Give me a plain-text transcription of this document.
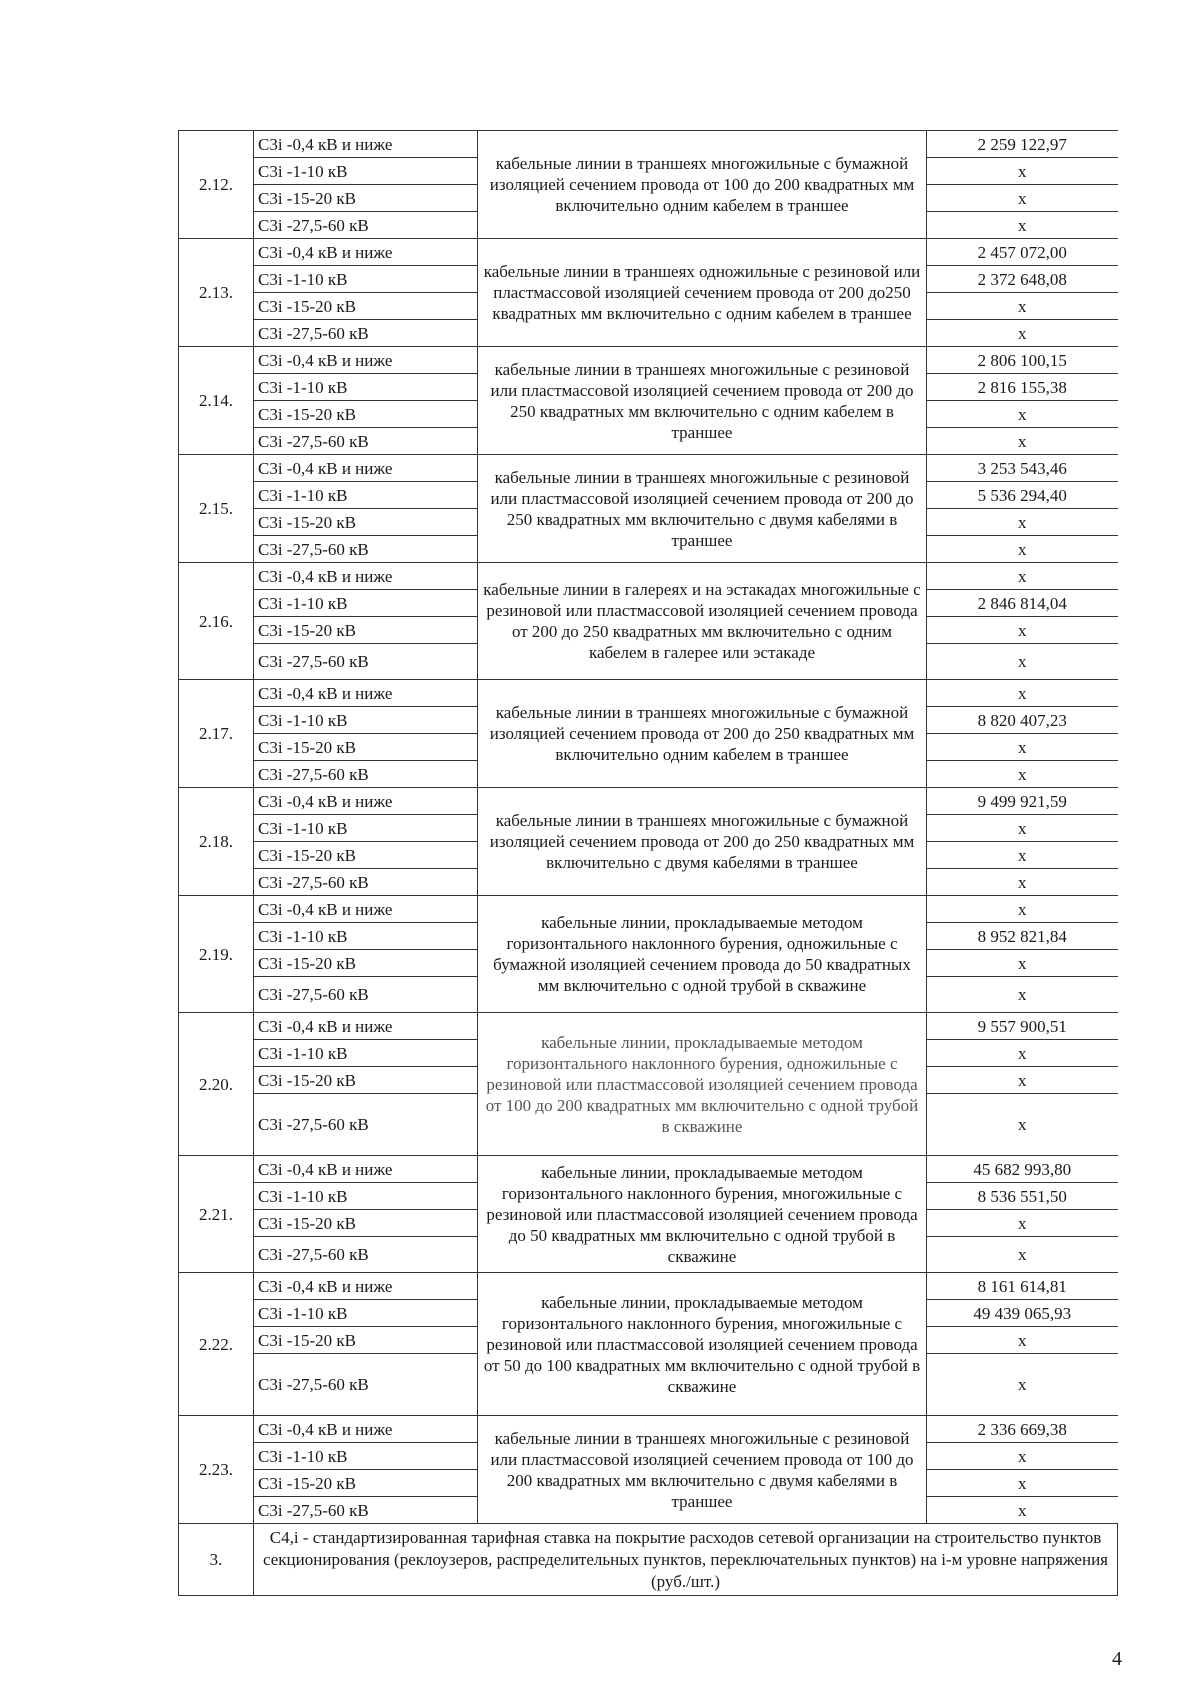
2.12.	С3i -0,4 кВ и ниже	кабельные линии в траншеях многожильные с бумажной изоляцией сечением провода от 100 до 200 квадратных мм включительно одним кабелем в траншее	2 259 122,97
	С3i -1-10 кВ		x
	С3i -15-20 кВ		x
	С3i -27,5-60 кВ		x
2.13.	С3i -0,4 кВ и ниже	кабельные линии в траншеях одножильные с резиновой или пластмассовой изоляцией сечением провода от 200 до250 квадратных мм включительно с одним кабелем в траншее	2 457 072,00
	С3i -1-10 кВ		2 372 648,08
	С3i -15-20 кВ		x
	С3i -27,5-60 кВ		x
2.14.	С3i -0,4 кВ и ниже	кабельные линии в траншеях многожильные с резиновой или пластмассовой изоляцией сечением провода от 200 до 250 квадратных мм включительно с одним кабелем в траншее	2 806 100,15
	С3i -1-10 кВ		2 816 155,38
	С3i -15-20 кВ		x
	С3i -27,5-60 кВ		x
2.15.	С3i -0,4 кВ и ниже	кабельные линии в траншеях многожильные с резиновой или пластмассовой изоляцией сечением провода от 200 до 250 квадратных мм включительно с двумя кабелями в траншее	3 253 543,46
	С3i -1-10 кВ		5 536 294,40
	С3i -15-20 кВ		x
	С3i -27,5-60 кВ		x
2.16.	С3i -0,4 кВ и ниже	кабельные линии в галереях и на эстакадах многожильные с резиновой или пластмассовой изоляцией сечением провода от 200 до 250 квадратных мм включительно с одним кабелем в галерее или эстакаде	x
	С3i -1-10 кВ		2 846 814,04
	С3i -15-20 кВ		x
	С3i -27,5-60 кВ		x
2.17.	С3i -0,4 кВ и ниже	кабельные линии в траншеях многожильные с бумажной изоляцией сечением провода от 200 до 250 квадратных мм включительно одним кабелем в траншее	x
	С3i -1-10 кВ		8 820 407,23
	С3i -15-20 кВ		x
	С3i -27,5-60 кВ		x
2.18.	С3i -0,4 кВ и ниже	кабельные линии в траншеях многожильные с бумажной изоляцией сечением провода от 200 до 250 квадратных мм включительно с двумя кабелями в траншее	9 499 921,59
	С3i -1-10 кВ		x
	С3i -15-20 кВ		x
	С3i -27,5-60 кВ		x
2.19.	С3i -0,4 кВ и ниже	кабельные линии, прокладываемые методом горизонтального наклонного бурения, одножильные с бумажной изоляцией сечением провода до 50 квадратных мм включительно с одной трубой в скважине	x
	С3i -1-10 кВ		8 952 821,84
	С3i -15-20 кВ		x
	С3i -27,5-60 кВ		x
2.20.	С3i -0,4 кВ и ниже	кабельные линии, прокладываемые методом горизонтального наклонного бурения, одножильные с резиновой или пластмассовой изоляцией сечением провода от 100 до 200 квадратных мм включительно с одной трубой в скважине	9 557 900,51
	С3i -1-10 кВ		x
	С3i -15-20 кВ		x
	С3i -27,5-60 кВ		x
2.21.	С3i -0,4 кВ и ниже	кабельные линии, прокладываемые методом горизонтального наклонного бурения, многожильные с резиновой или пластмассовой изоляцией сечением провода до 50 квадратных мм включительно с одной трубой в скважине	45 682 993,80
	С3i -1-10 кВ		8 536 551,50
	С3i -15-20 кВ		x
	С3i -27,5-60 кВ		x
2.22.	С3i -0,4 кВ и ниже	кабельные линии, прокладываемые методом горизонтального наклонного бурения, многожильные с резиновой или пластмассовой изоляцией сечением провода от 50 до 100 квадратных мм включительно с одной трубой в скважине	8 161 614,81
	С3i -1-10 кВ		49 439 065,93
	С3i -15-20 кВ		x
	С3i -27,5-60 кВ		x
2.23.	С3i -0,4 кВ и ниже	кабельные линии в траншеях многожильные с резиновой или пластмассовой изоляцией сечением провода от 100 до 200 квадратных мм включительно с двумя кабелями в траншее	2 336 669,38
	С3i -1-10 кВ		x
	С3i -15-20 кВ		x
	С3i -27,5-60 кВ		x
3.	С4,i - стандартизированная тарифная ставка на покрытие расходов сетевой организации на строительство пунктов секционирования (реклоузеров, распределительных пунктов, переключательных пунктов) на i-м уровне напряжения (руб./шт.)		
4
